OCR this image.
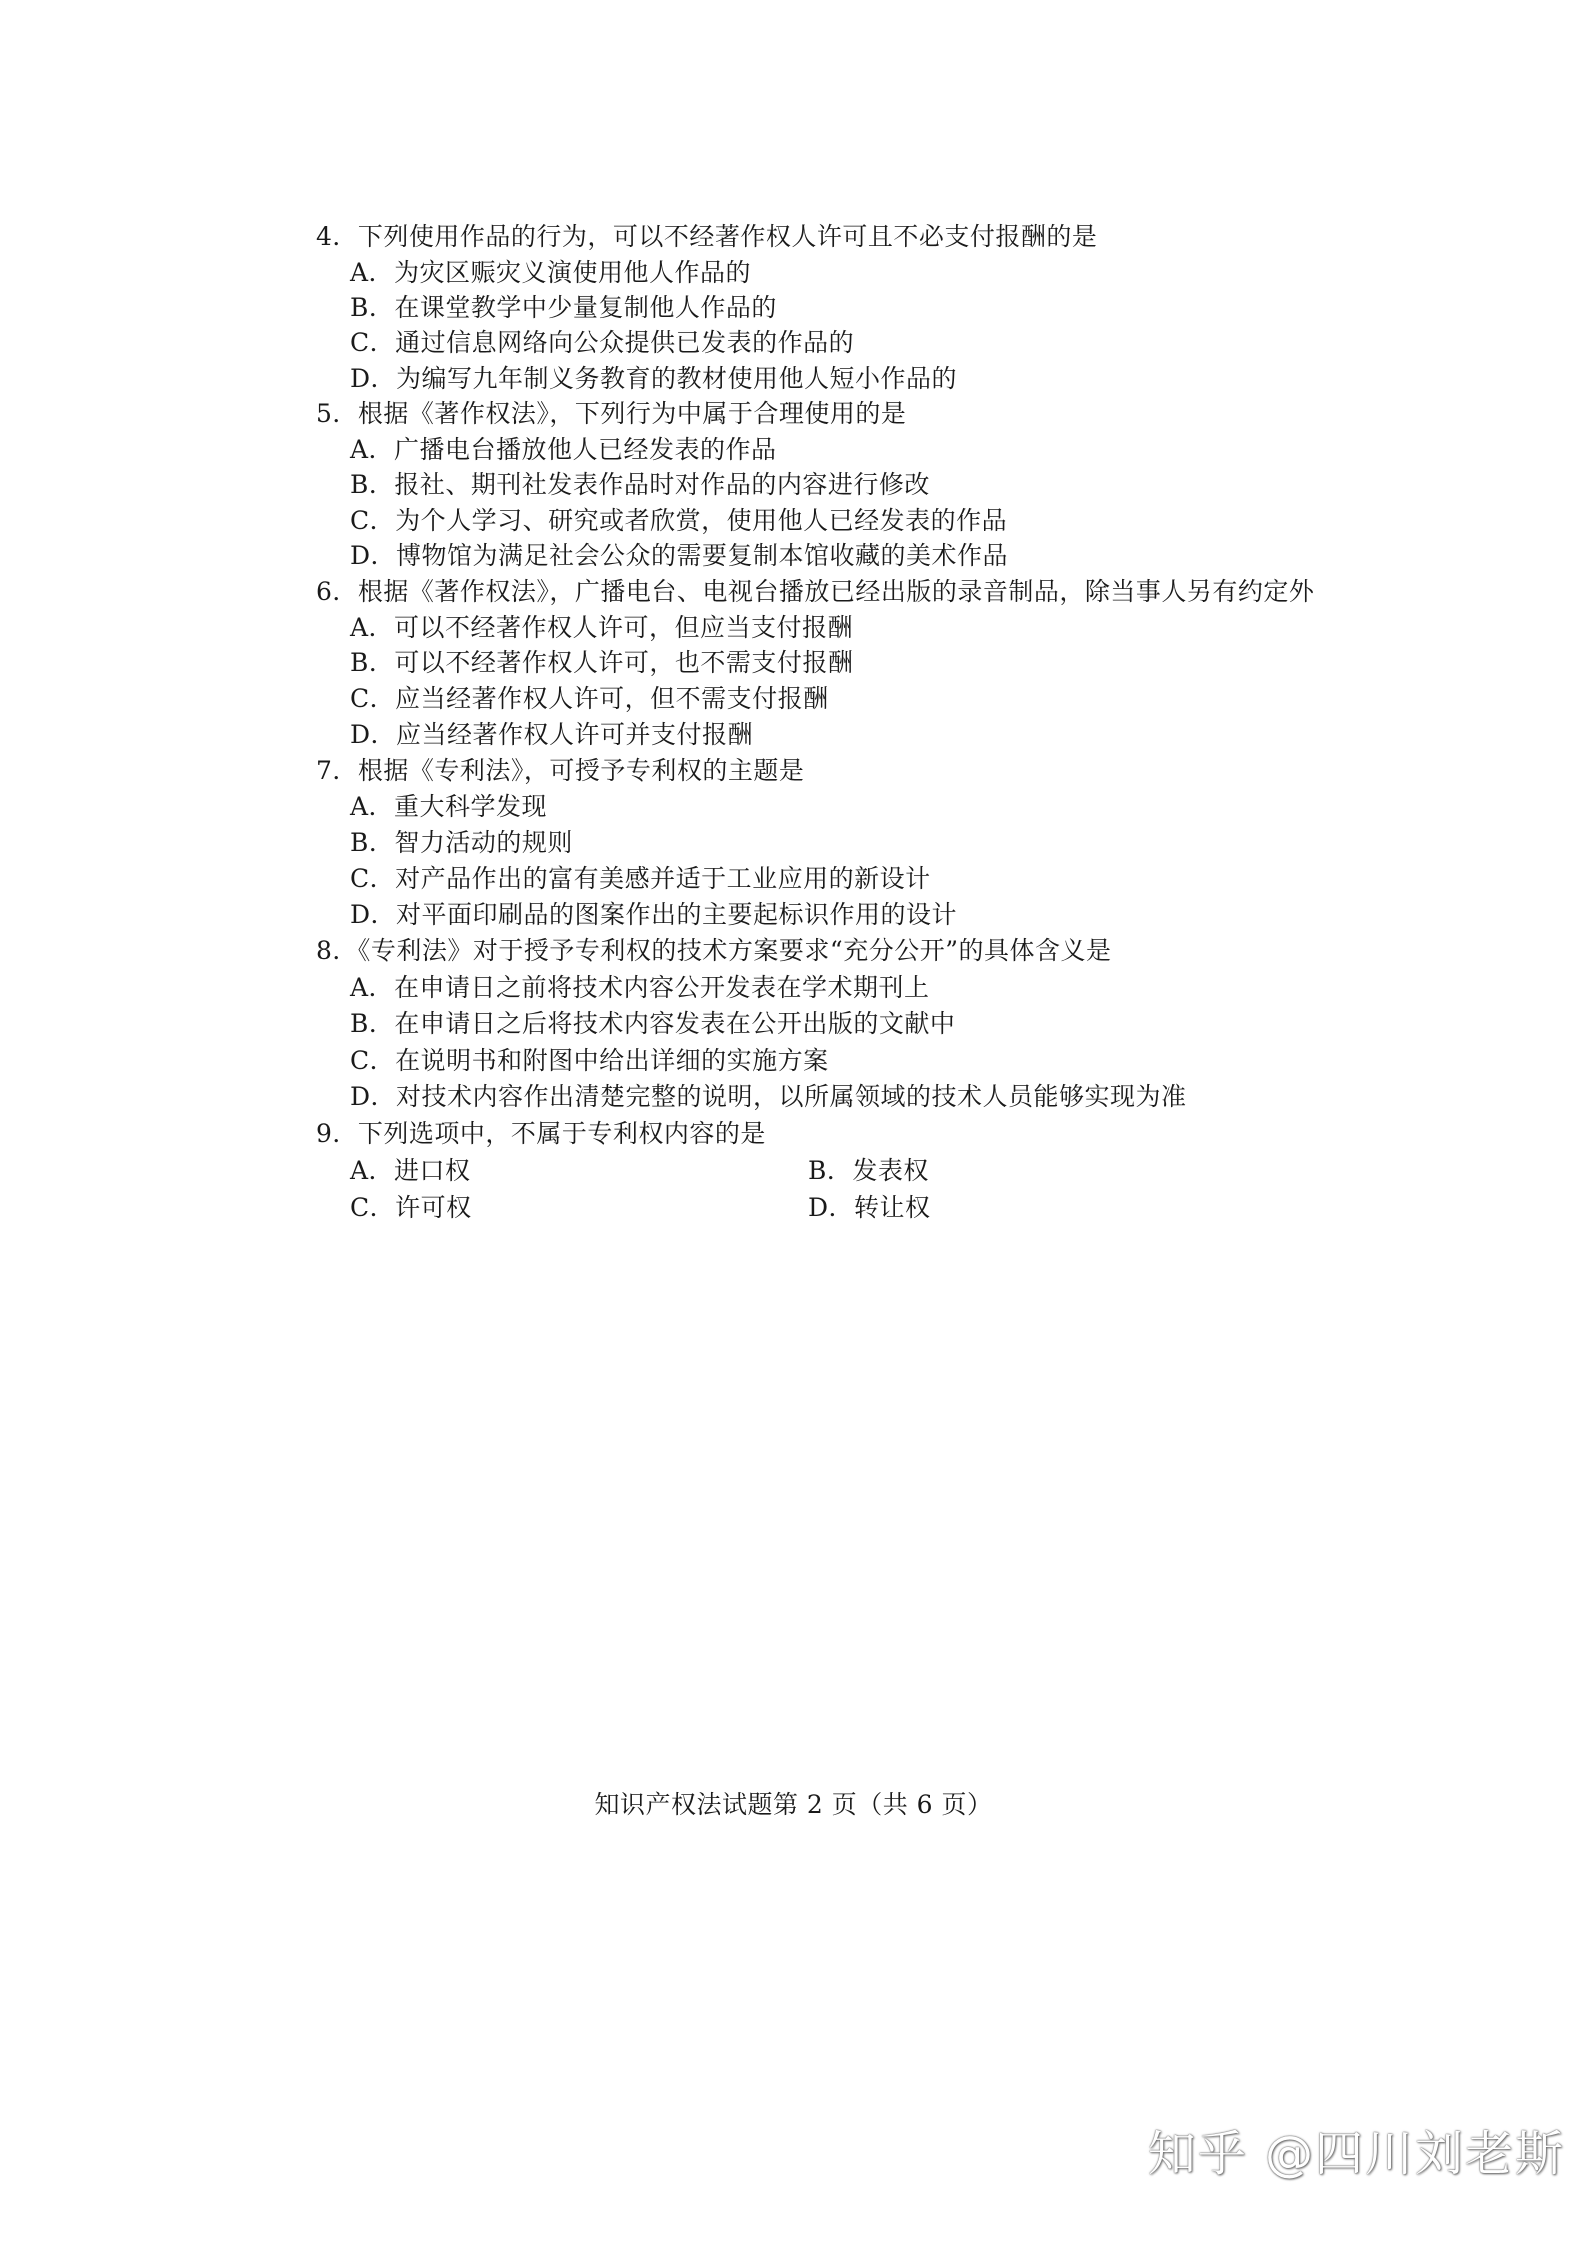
4．下列使用作品的行为，可以不经著作权人许可且不必支付报酬的是
A．为灾区赈灾义演使用他人作品的
B．在课堂教学中少量复制他人作品的
C．通过信息网络向公众提供已发表的作品的
D．为编写九年制义务教育的教材使用他人短小作品的
5．根据《著作权法》，下列行为中属于合理使用的是
A．广播电台播放他人已经发表的作品
B．报社、期刊社发表作品时对作品的内容进行修改
C．为个人学习、研究或者欣赏，使用他人已经发表的作品
D．博物馆为满足社会公众的需要复制本馆收藏的美术作品
6．根据《著作权法》，广播电台、电视台播放已经出版的录音制品，除当事人另有约定外
A．可以不经著作权人许可，但应当支付报酬
B．可以不经著作权人许可，也不需支付报酬
C．应当经著作权人许可，但不需支付报酬
D．应当经著作权人许可并支付报酬
7．根据《专利法》，可授予专利权的主题是
A．重大科学发现
B．智力活动的规则
C．对产品作出的富有美感并适于工业应用的新设计
D．对平面印刷品的图案作出的主要起标识作用的设计
8．《专利法》对于授予专利权的技术方案要求“充分公开”的具体含义是
A．在申请日之前将技术内容公开发表在学术期刊上
B．在申请日之后将技术内容发表在公开出版的文献中
C．在说明书和附图中给出详细的实施方案
D．对技术内容作出清楚完整的说明，以所属领域的技术人员能够实现为准
9．下列选项中，不属于专利权内容的是
A．进口权	B．发表权
C．许可权	D．转让权
知识产权法试题第 2 页（共 6 页）
知乎 @四川刘老斯
